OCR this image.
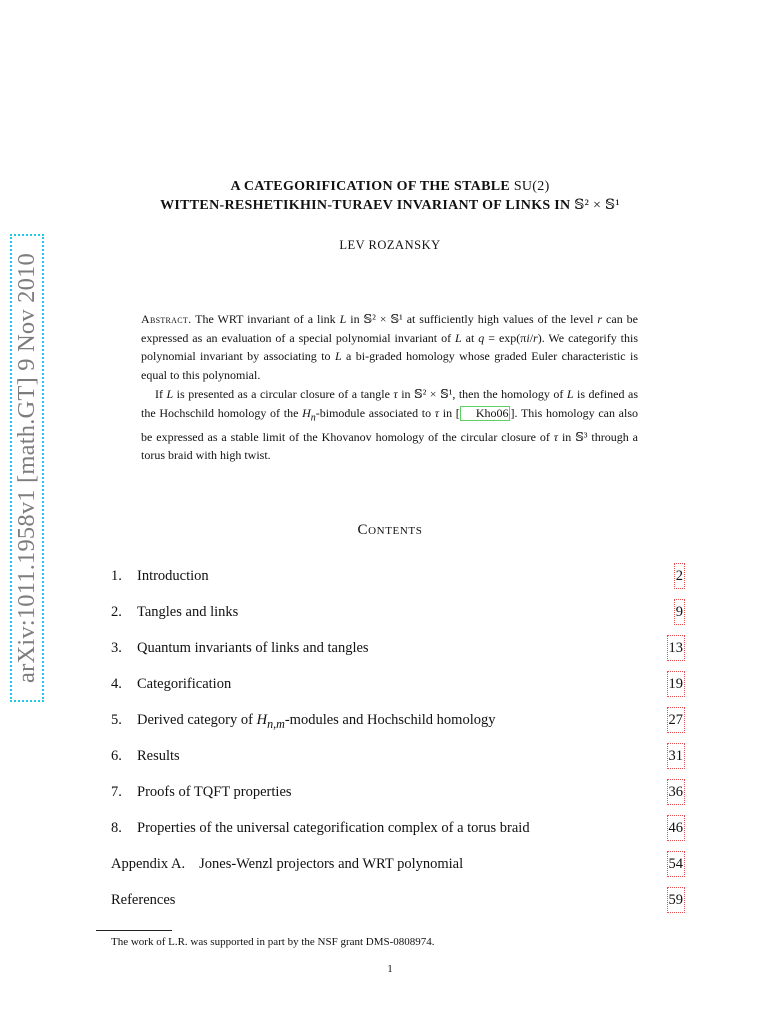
arXiv:1011.1958v1 [math.GT] 9 Nov 2010
A CATEGORIFICATION OF THE STABLE SU(2)
WITTEN-RESHETIKHIN-TURAEV INVARIANT OF LINKS IN 𝕊² × 𝕊¹
LEV ROZANSKY

Abstract. The WRT invariant of a link L in 𝕊² × 𝕊¹ at sufficiently high values of the level r can be expressed as an evaluation of a special polynomial invariant of L at q = exp(πi/r). We categorify this polynomial invariant by associating to L a bi-graded homology whose graded Euler characteristic is equal to this polynomial.

If L is presented as a circular closure of a tangle τ in 𝕊² × 𝕊¹, then the homology of L is defined as the Hochschild homology of the $H_n$-bimodule associated to τ in [ Kho06 ]. This homology can also be expressed as a stable limit of the Khovanov homology of the circular closure of τ in 𝕊³ through a torus braid with high twist.

Contents
1. Introduction	2
2. Tangles and links	9
3. Quantum invariants of links and tangles	13
4. Categorification	19
5. Derived category of $H_{n,m}$-modules and Hochschild homology	27
6. Results	31
7. Proofs of TQFT properties	36
8. Properties of the universal categorification complex of a torus braid	46
Appendix A. Jones-Wenzl projectors and WRT polynomial	54
References	59
The work of L.R. was supported in part by the NSF grant DMS-0808974.
1
